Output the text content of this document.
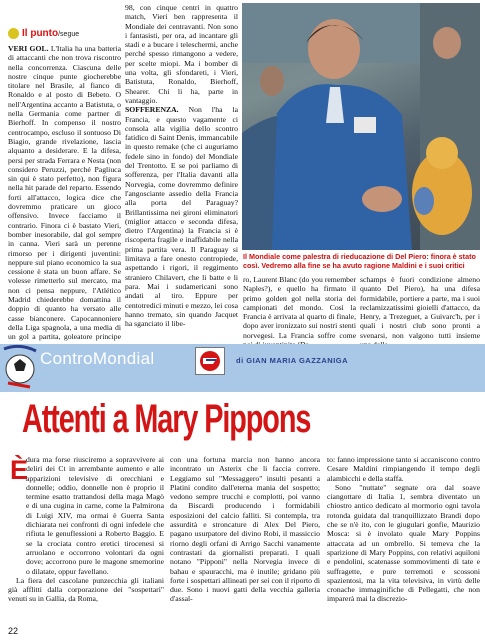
Il punto/segue

VERI GOL. L'Italia ha una batteria di attaccanti che non trova riscontro nella concorrenza. Ciascuna delle nostre cinque punte giocherebbe titolare nel Brasile, al fianco di Ronaldo e al posto di Bebeto. O nell'Argentina accanto a Batistuta, o nella Germania come partner di Bierhoff. In compenso il nostro centrocampo, escluso il sontuoso Di Biagio, grande rivelazione, lascia alquanto a desiderare. E la difesa, persi per strada Ferrara e Nesta (non considero Peruzzi, perché Pagliuca sin qui è stato perfetto), non figura nella hit parade del reparto. Essendo forti all'attacco, logica dice che dovremmo praticare un gioco offensivo. Invece facciamo il contrario. Finora ci è bastato Vieri, bomber inesorabile, dal gol sempre in canna. Vieri sarà un perenne rimorso per i dirigenti juventini: neppure sul piano economico la sua cessione è stata un buon affare. Se volesse rimetterlo sul mercato, ma non ci pensa neppure, l'Atlético Madrid chiederebbe domattina il doppio di quanto ha versato alle casse bianconere. Capocannoniere della Liga spagnola, a una media di un gol a partita, goleatore principe

98, con cinque centri in quattro match, Vieri ben rappresenta il Mondiale dei centravanti. Non sono i fantasisti, per ora, ad incantare gli stadi e a bucare i teleschermi, anche perché spesso rimangono a vedere, per scelte miopi. Ma i bomber di una volta, gli sfondareti, i Vieri, Batistuta, Ronaldo, Bierhoff, Shearer. Chi li ha, parte in vantaggio.

SOFFERENZA. Non l'ha la Francia, e questo vagamente ci consola alla vigilia dello scontro fatidico di Saint Denis, immancabile in questo remake (che ci auguriamo fedele sino in fondo) del Mondiale del Trentotto. E se poi parliamo di sofferenza, per l'Italia davanti alla Norvegia, come dovremmo definire l'angosciante assedio della Francia alla porta del Paraguay? Brillantissima nei gironi eliminatori (miglior attacco e seconda difesa, dietro l'Argentina) la Francia si è riscoperta fragile e inaffidabile nella prima partita vera. Il Paraguay si limitava a fare onesto contropiede, aspettando i rigori, il reggimento straniero Chilavert, che li batte e li para. Mai i sudamericani sono andati al tiro. Eppure per centotredici minuti e mezzo, lei cosa hanno tremato, sin quando Jacquet ha sganciato il libe-

Il Mondiale come palestra di rieducazione di Del Piero: finora è stato così. Vedremo alla fine se ha avuto ragione Maldini e i suoi critici

ro, Laurent Blanc (do you remember Naples?), e quello ha firmato il primo golden gol nella storia dei campionati del mondo. Così la Francia è arrivata al quarto di finale, dopo aver ironizzato sui nostri stenti norvegesi. La Francia soffre come

schamps è fuori condizione almeno quanto Del Piero), ha una difesa formidabile, portiere a parte, ma i suoi reclamizzatissimi gioielli d'attacco, da Henry, a Trezeguet, a Guivarc'h, per i quali i nostri club sono pronti a svenarsi, non valgono tutti insieme

ControMondial	di GIAN MARIA GAZZANIGA
Attenti a Mary Pippons
È

dura ma forse riusciremo a sopravvivere ai deliri dei Ct in arrembante aumento e alle apparizioni televisive di orecchiani e donnelle; oddio, donnelle non è proprio il termine esatto trattandosi della maga Magò e di una cugina in carne, come la Palmirona di Luigi XIV, ma ormai è Guerra Santa dichiarata nei confronti di ogni infedele che rifiuta le genuflessioni a Roberto Baggio. E se la crociata contro eretici tirocenesi si arruolano e occorrono volontari da ogni dove; accorrono pure le magone smemorine o dilatate, oppur favellano.

La fiera del cascolane punzecchia gli italiani già afflitti dalla corporazione dei "sospettari" venuti su in Gallia, da Roma,

con una fortuna marcia non hanno ancora incontrato un Asterix che li faccia correre. Leggiamo sul "Messaggero" insulti pesanti a Platini condito dall'eterna mania del sospetto; vedono sempre trucchi e complotti, poi vanno da Biscardi producendo i formidabili esposizioni del calcio falliti. Si contempla, tra assurdità e stroncature di Alex Del Piero, pagano usurpatore del divino Robi, il massiccio riorno degli orfani di Arrigo Sacchi vanamente contrastati da giornalisti preparati. I quali notano "Pipponi" nella Norvegia invece di bahau e spauracchi, ma è inutile; gridano più forte i sospettari allineati per sei con il riporto di due. Sono i nuovi gatti della vecchia galleria d'assal-

to: fanno impressione tanto si accaniscono contro Cesare Maldini rimpiangendo il tempo degli alambicchi e della staffa.

Sono "nuttate" segnate ora dal soave ciangottare di Italia 1, sembra diventato un chiostro antico dedicato al mormorio ogni tavola rotonda guidata dal tranquillizzato Brandi dopo che se n'è ito, con le giugulari gonfie, Maurizio Mosca: si è involato quale Mary Poppins attaccata ad un ombrello. Si temeva che la sparizione di Mary Poppins, con relativi aquiloni e pendolini, scatenasse sommovimenti di tate e suffragette, e pure terremoti e scossoni spazientosi, ma la vita televisiva, in virtù delle cronache immaginifiche di Pellegatti, che non imparerà mai la discrezio-

22
